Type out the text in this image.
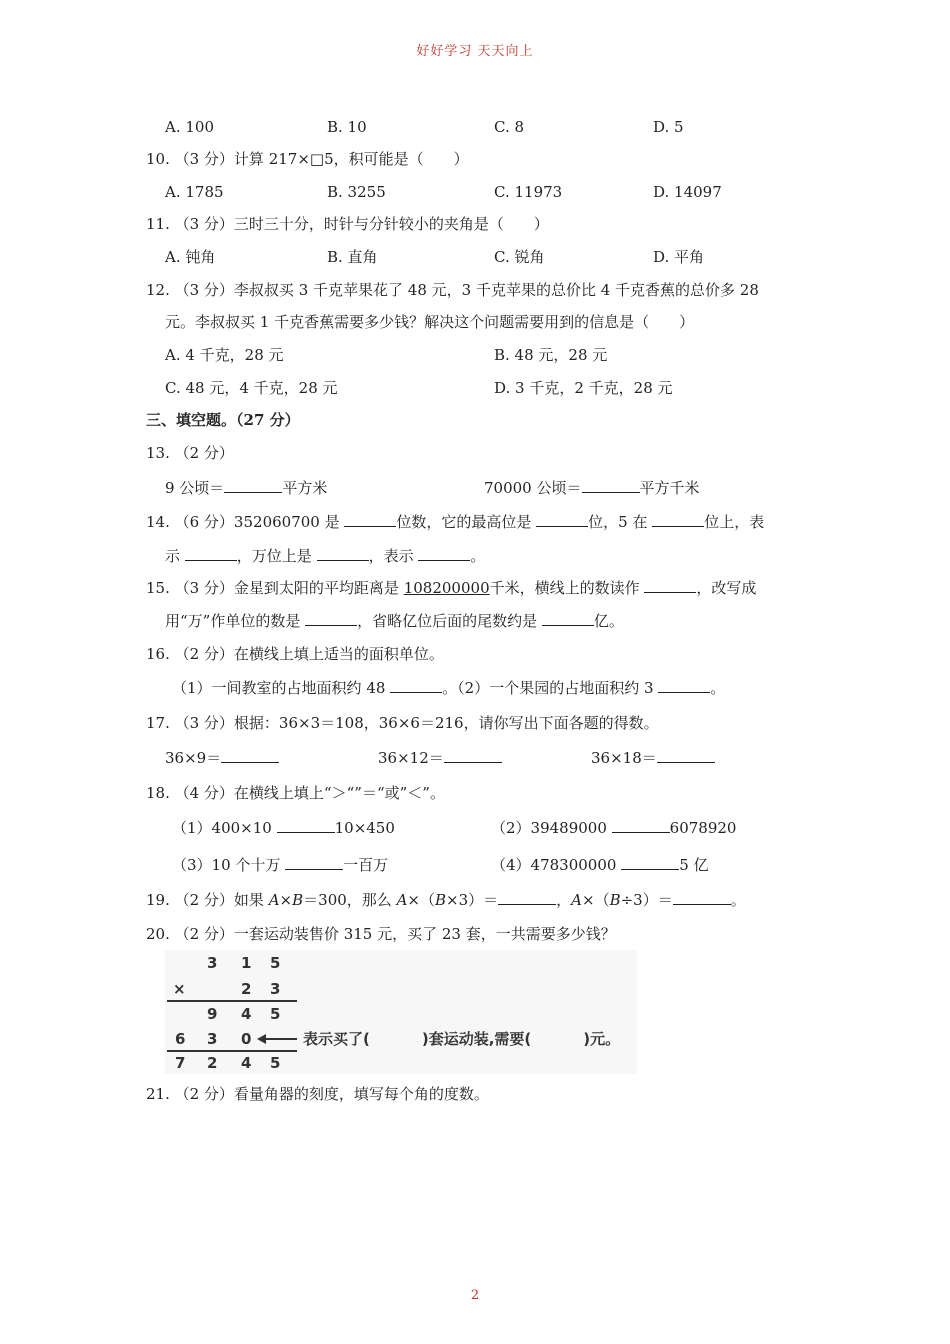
好好学习 天天向上
A. 100	B. 10	C. 8	D. 5
10. （3 分）计算 217×□5，积可能是（　　）
A. 1785	B. 3255	C. 11973	D. 14097
11. （3 分）三时三十分，时针与分针较小的夹角是（　　）
A. 钝角	B. 直角	C. 锐角	D. 平角
12. （3 分）李叔叔买 3 千克苹果花了 48 元，3 千克苹果的总价比 4 千克香蕉的总价多 28
元。李叔叔买 1 千克香蕉需要多少钱？解决这个问题需要用到的信息是（　　）
A. 4 千克，28 元	B. 48 元，28 元
C. 48 元，4 千克，28 元	D. 3 千克，2 千克，28 元
三、填空题。（27 分）
13. （2 分）
9 公顷＝	平方米	70000 公顷＝	平方千米
14. （6 分）352060700 是	位数，它的最高位是	位，5 在	位上，表
示	，万位上是	，表示	。
15. （3 分）金星到太阳的平均距离是 108200000千米，横线上的数读作	，改写成
用“万”作单位的数是	，省略亿位后面的尾数约是	亿。
16. （2 分）在横线上填上适当的面积单位。
（1）一间教室的占地面积约 48	。（2）一个果园的占地面积约 3	。
17. （3 分）根据：36×3＝108，36×6＝216，请你写出下面各题的得数。
36×9＝	36×12＝	36×18＝
18. （4 分）在横线上填上“＞“”＝“或”＜”。
（1）400×10	10×450	（2）39489000	6078920
（3）10 个十万	一百万	（4）478300000	5 亿
19. （2 分）如果 A×B＝300，那么 A×（B×3）＝	，A×（B÷3）＝	。
20. （2 分）一套运动装售价 315 元，买了 23 套，一共需要多少钱？
3 1 5
×	2 3
9 4 5
6 3 0	表示买了(	)套运动装,需要(	)元。
7 2 4 5
21. （2 分）看量角器的刻度，填写每个角的度数。
2
